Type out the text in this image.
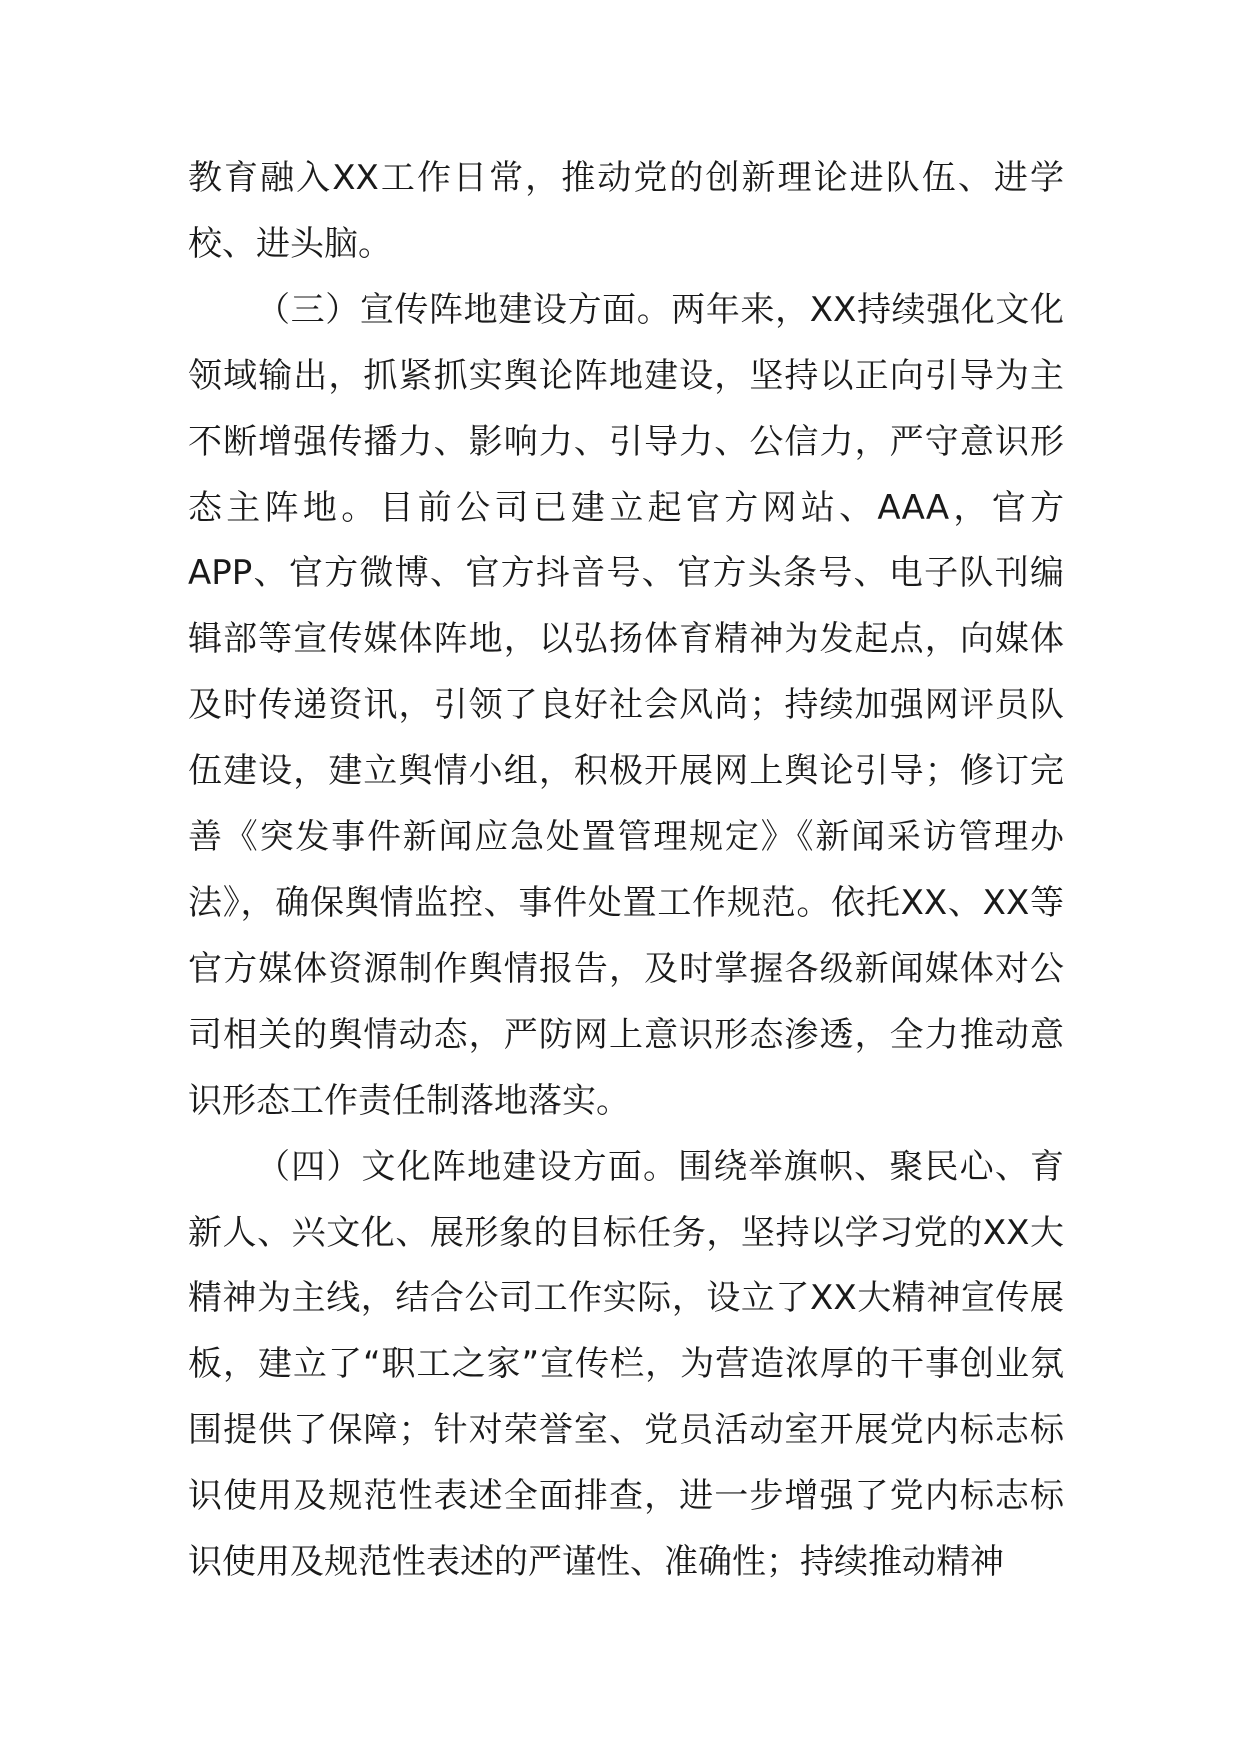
教育融入XX工作日常，推动党的创新理论进队伍、进学校、进头脑。

（三）宣传阵地建设方面。两年来，XX持续强化文化领域输出，抓紧抓实舆论阵地建设，坚持以正向引导为主不断增强传播力、影响力、引导力、公信力，严守意识形态主阵地。目前公司已建立起官方网站、AAA，官方APP、官方微博、官方抖音号、官方头条号、电子队刊编辑部等宣传媒体阵地，以弘扬体育精神为发起点，向媒体及时传递资讯，引领了良好社会风尚；持续加强网评员队伍建设，建立舆情小组，积极开展网上舆论引导；修订完善《突发事件新闻应急处置管理规定》《新闻采访管理办法》，确保舆情监控、事件处置工作规范。依托XX、XX等官方媒体资源制作舆情报告，及时掌握各级新闻媒体对公司相关的舆情动态，严防网上意识形态渗透，全力推动意识形态工作责任制落地落实。

（四）文化阵地建设方面。围绕举旗帜、聚民心、育新人、兴文化、展形象的目标任务，坚持以学习党的XX大精神为主线，结合公司工作实际，设立了XX大精神宣传展板，建立了“职工之家”宣传栏，为营造浓厚的干事创业氛围提供了保障；针对荣誉室、党员活动室开展党内标志标识使用及规范性表述全面排查，进一步增强了党内标志标识使用及规范性表述的严谨性、准确性；持续推动精神
